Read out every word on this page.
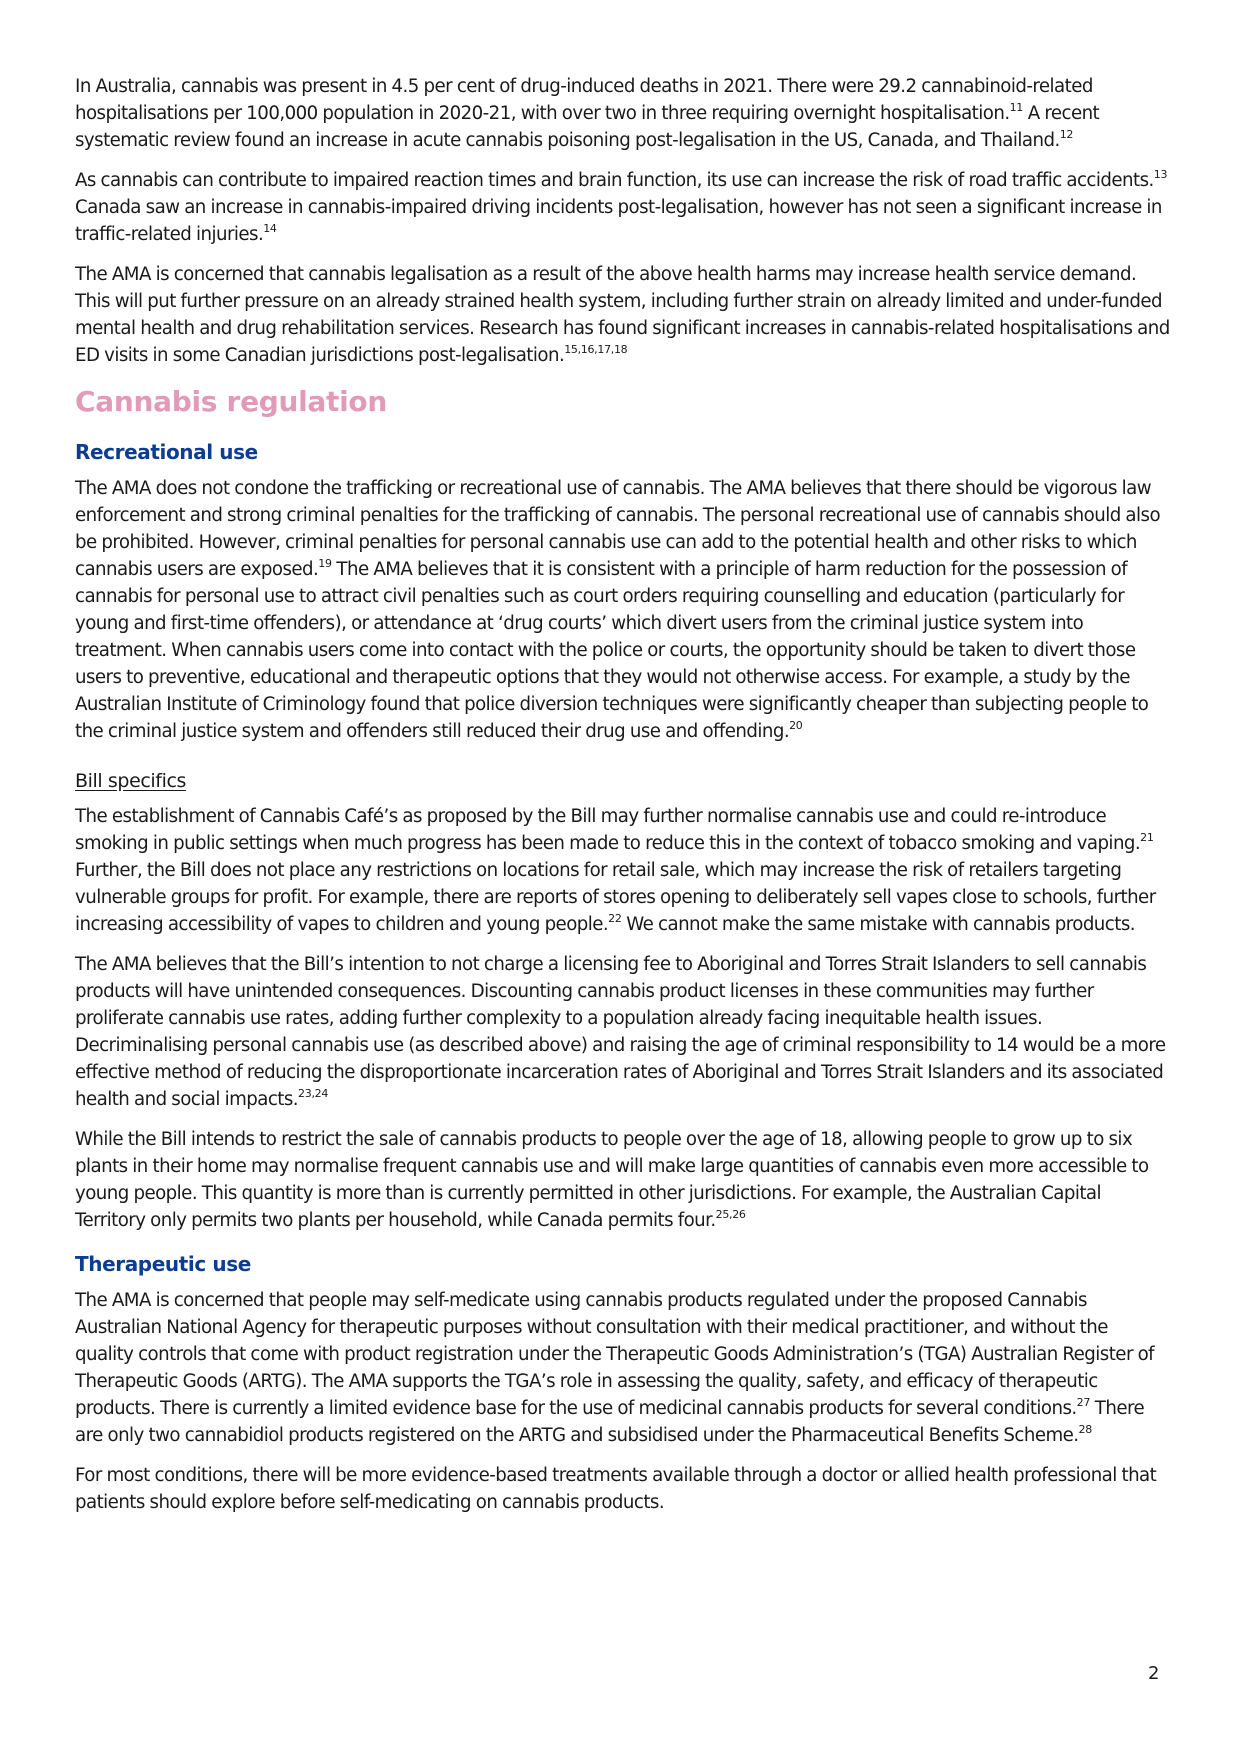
In Australia, cannabis was present in 4.5 per cent of drug-induced deaths in 2021. There were 29.2 cannabinoid-related hospitalisations per 100,000 population in 2020-21, with over two in three requiring overnight hospitalisation.$^{11}$ A recent systematic review found an increase in acute cannabis poisoning post-legalisation in the US, Canada, and Thailand.$^{12}$

As cannabis can contribute to impaired reaction times and brain function, its use can increase the risk of road traffic accidents.$^{13}$ Canada saw an increase in cannabis-impaired driving incidents post-legalisation, however has not seen a significant increase in traffic-related injuries.$^{14}$

The AMA is concerned that cannabis legalisation as a result of the above health harms may increase health service demand. This will put further pressure on an already strained health system, including further strain on already limited and under-funded mental health and drug rehabilitation services. Research has found significant increases in cannabis-related hospitalisations and ED visits in some Canadian jurisdictions post-legalisation.$^{15,16,17,18}$

Cannabis regulation
Recreational use

The AMA does not condone the trafficking or recreational use of cannabis. The AMA believes that there should be vigorous law enforcement and strong criminal penalties for the trafficking of cannabis. The personal recreational use of cannabis should also be prohibited. However, criminal penalties for personal cannabis use can add to the potential health and other risks to which cannabis users are exposed.$^{19}$ The AMA believes that it is consistent with a principle of harm reduction for the possession of cannabis for personal use to attract civil penalties such as court orders requiring counselling and education (particularly for young and first-time offenders), or attendance at ‘drug courts’ which divert users from the criminal justice system into treatment. When cannabis users come into contact with the police or courts, the opportunity should be taken to divert those users to preventive, educational and therapeutic options that they would not otherwise access. For example, a study by the Australian Institute of Criminology found that police diversion techniques were significantly cheaper than subjecting people to the criminal justice system and offenders still reduced their drug use and offending.$^{20}$

Bill specifics

The establishment of Cannabis Café’s as proposed by the Bill may further normalise cannabis use and could re-introduce smoking in public settings when much progress has been made to reduce this in the context of tobacco smoking and vaping.$^{21}$ Further, the Bill does not place any restrictions on locations for retail sale, which may increase the risk of retailers targeting vulnerable groups for profit. For example, there are reports of stores opening to deliberately sell vapes close to schools, further increasing accessibility of vapes to children and young people.$^{22}$ We cannot make the same mistake with cannabis products.

The AMA believes that the Bill’s intention to not charge a licensing fee to Aboriginal and Torres Strait Islanders to sell cannabis products will have unintended consequences. Discounting cannabis product licenses in these communities may further proliferate cannabis use rates, adding further complexity to a population already facing inequitable health issues. Decriminalising personal cannabis use (as described above) and raising the age of criminal responsibility to 14 would be a more effective method of reducing the disproportionate incarceration rates of Aboriginal and Torres Strait Islanders and its associated health and social impacts.$^{23,24}$

While the Bill intends to restrict the sale of cannabis products to people over the age of 18, allowing people to grow up to six plants in their home may normalise frequent cannabis use and will make large quantities of cannabis even more accessible to young people. This quantity is more than is currently permitted in other jurisdictions. For example, the Australian Capital Territory only permits two plants per household, while Canada permits four.$^{25,26}$

Therapeutic use

The AMA is concerned that people may self-medicate using cannabis products regulated under the proposed Cannabis Australian National Agency for therapeutic purposes without consultation with their medical practitioner, and without the quality controls that come with product registration under the Therapeutic Goods Administration’s (TGA) Australian Register of Therapeutic Goods (ARTG). The AMA supports the TGA’s role in assessing the quality, safety, and efficacy of therapeutic products. There is currently a limited evidence base for the use of medicinal cannabis products for several conditions.$^{27}$ There are only two cannabidiol products registered on the ARTG and subsidised under the Pharmaceutical Benefits Scheme.$^{28}$

For most conditions, there will be more evidence-based treatments available through a doctor or allied health professional that patients should explore before self-medicating on cannabis products.

2
